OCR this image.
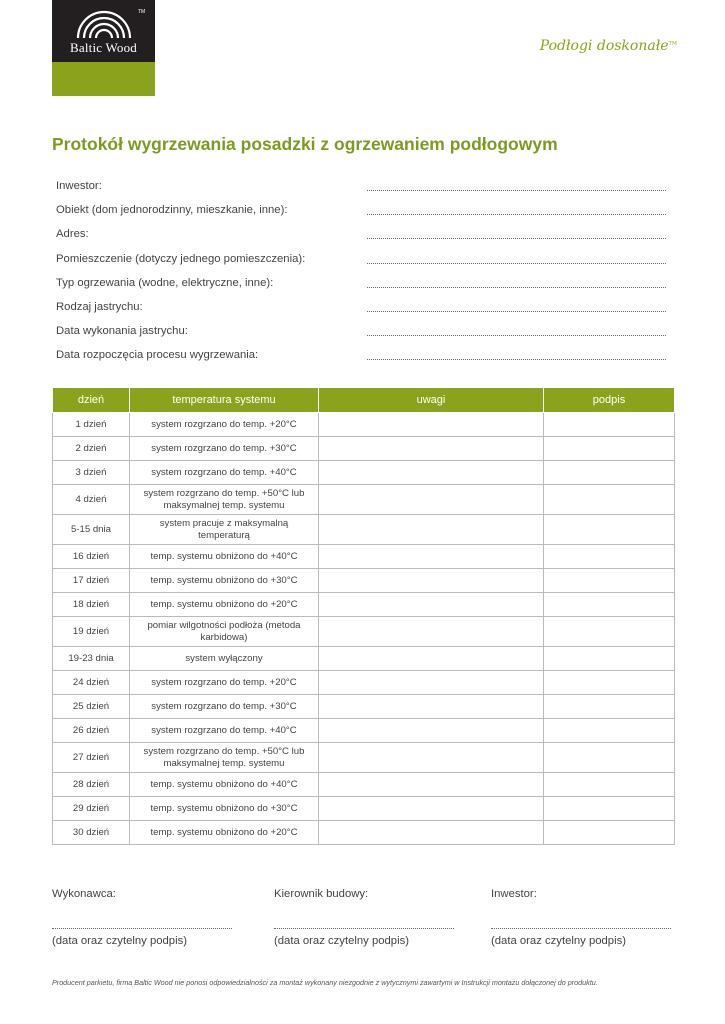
TM
Baltic Wood	Podłogi doskonałe™
Protokół wygrzewania posadzki z ogrzewaniem podłogowym
Inwestor:
Obiekt (dom jednorodzinny, mieszkanie, inne):
Adres:
Pomieszczenie (dotyczy jednego pomieszczenia):
Typ ogrzewania (wodne, elektryczne, inne):
Rodzaj jastrychu:
Data wykonania jastrychu:
Data rozpoczęcia procesu wygrzewania:
dzień	temperatura systemu	uwagi	podpis
1 dzień	system rozgrzano do temp. +20°C		
2 dzień	system rozgrzano do temp. +30°C		
3 dzień	system rozgrzano do temp. +40°C		
4 dzień	system rozgrzano do temp. +50°C lub maksymalnej temp. systemu		
5-15 dnia	system pracuje z maksymalną temperaturą		
16 dzień	temp. systemu obniżono do +40°C		
17 dzień	temp. systemu obniżono do +30°C		
18 dzień	temp. systemu obniżono do +20°C		
19 dzień	pomiar wilgotności podłoża (metoda karbidowa)		
19-23 dnia	system wyłączony		
24 dzień	system rozgrzano do temp. +20°C		
25 dzień	system rozgrzano do temp. +30°C		
26 dzień	system rozgrzano do temp. +40°C		
27 dzień	system rozgrzano do temp. +50°C lub maksymalnej temp. systemu		
28 dzień	temp. systemu obniżono do +40°C		
29 dzień	temp. systemu obniżono do +30°C		
30 dzień	temp. systemu obniżono do +20°C		
Wykonawca:
(data oraz czytelny podpis)
Kierownik budowy:
(data oraz czytelny podpis)
Inwestor:
(data oraz czytelny podpis)
Producent parkietu, firma Baltic Wood nie ponosi odpowiedzialności za montaż wykonany niezgodnie z wytycznymi zawartymi w Instrukcji montażu dołączonej do produktu.
